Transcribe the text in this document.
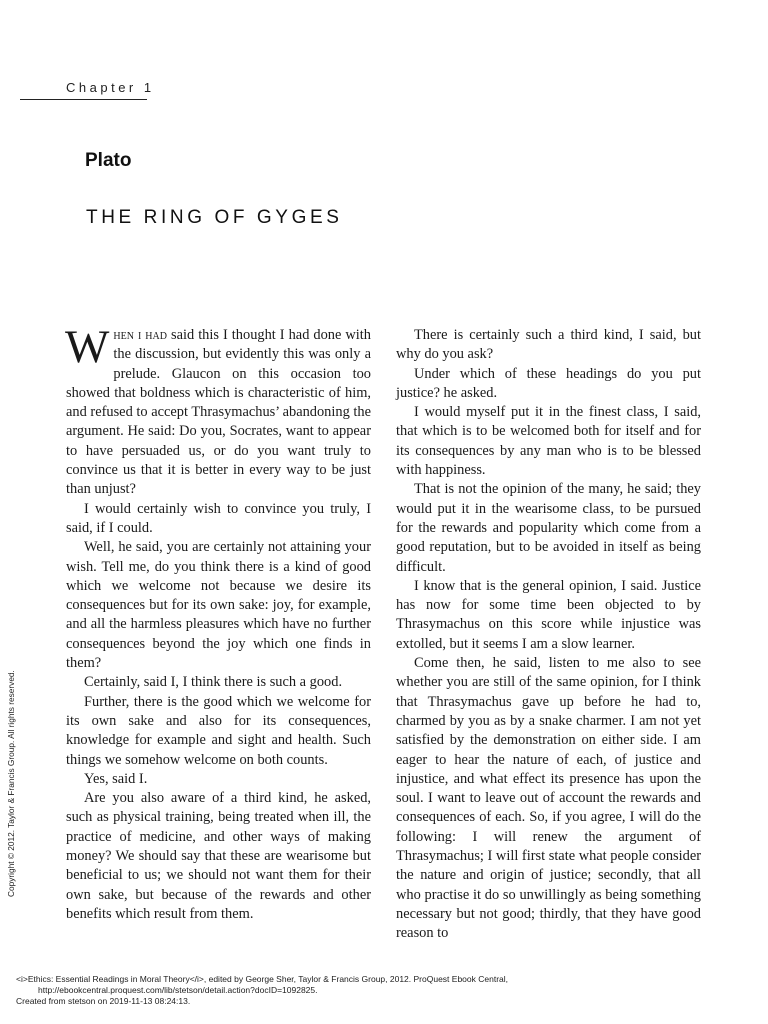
Chapter 1
Plato
THE RING OF GYGES

When i had said this I thought I had done with the discussion, but evidently this was only a prelude. Glaucon on this occasion too showed that boldness which is characteristic of him, and refused to accept Thrasymachus’ abandoning the argument. He said: Do you, Socrates, want to appear to have persuaded us, or do you want truly to convince us that it is better in every way to be just than unjust?

I would certainly wish to convince you truly, I said, if I could.

Well, he said, you are certainly not attaining your wish. Tell me, do you think there is a kind of good which we welcome not because we desire its consequences but for its own sake: joy, for example, and all the harmless pleasures which have no further consequences beyond the joy which one finds in them?

Certainly, said I, I think there is such a good.

Further, there is the good which we welcome for its own sake and also for its consequences, knowledge for example and sight and health. Such things we somehow welcome on both counts.

Yes, said I.

Are you also aware of a third kind, he asked, such as physical training, being treated when ill, the practice of medicine, and other ways of making money? We should say that these are wearisome but beneficial to us; we should not want them for their own sake, but because of the rewards and other benefits which result from them.

There is certainly such a third kind, I said, but why do you ask?

Under which of these headings do you put justice? he asked.

I would myself put it in the finest class, I said, that which is to be welcomed both for itself and for its consequences by any man who is to be blessed with happiness.

That is not the opinion of the many, he said; they would put it in the wearisome class, to be pursued for the rewards and popularity which come from a good reputation, but to be avoided in itself as being difficult.

I know that is the general opinion, I said. Justice has now for some time been objected to by Thrasymachus on this score while injustice was extolled, but it seems I am a slow learner.

Come then, he said, listen to me also to see whether you are still of the same opinion, for I think that Thrasymachus gave up before he had to, charmed by you as by a snake charmer. I am not yet satisfied by the demonstration on either side. I am eager to hear the nature of each, of justice and injustice, and what effect its presence has upon the soul. I want to leave out of account the rewards and consequences of each. So, if you agree, I will do the following: I will renew the argument of Thrasymachus; I will first state what people consider the nature and origin of justice; secondly, that all who practise it do so unwillingly as being something necessary but not good; thirdly, that they have good reason to

Copyright © 2012. Taylor & Francis Group. All rights reserved.
<i>Ethics: Essential Readings in Moral Theory</i>, edited by George Sher, Taylor & Francis Group, 2012. ProQuest Ebook Central,
http://ebookcentral.proquest.com/lib/stetson/detail.action?docID=1092825.
Created from stetson on 2019-11-13 08:24:13.
